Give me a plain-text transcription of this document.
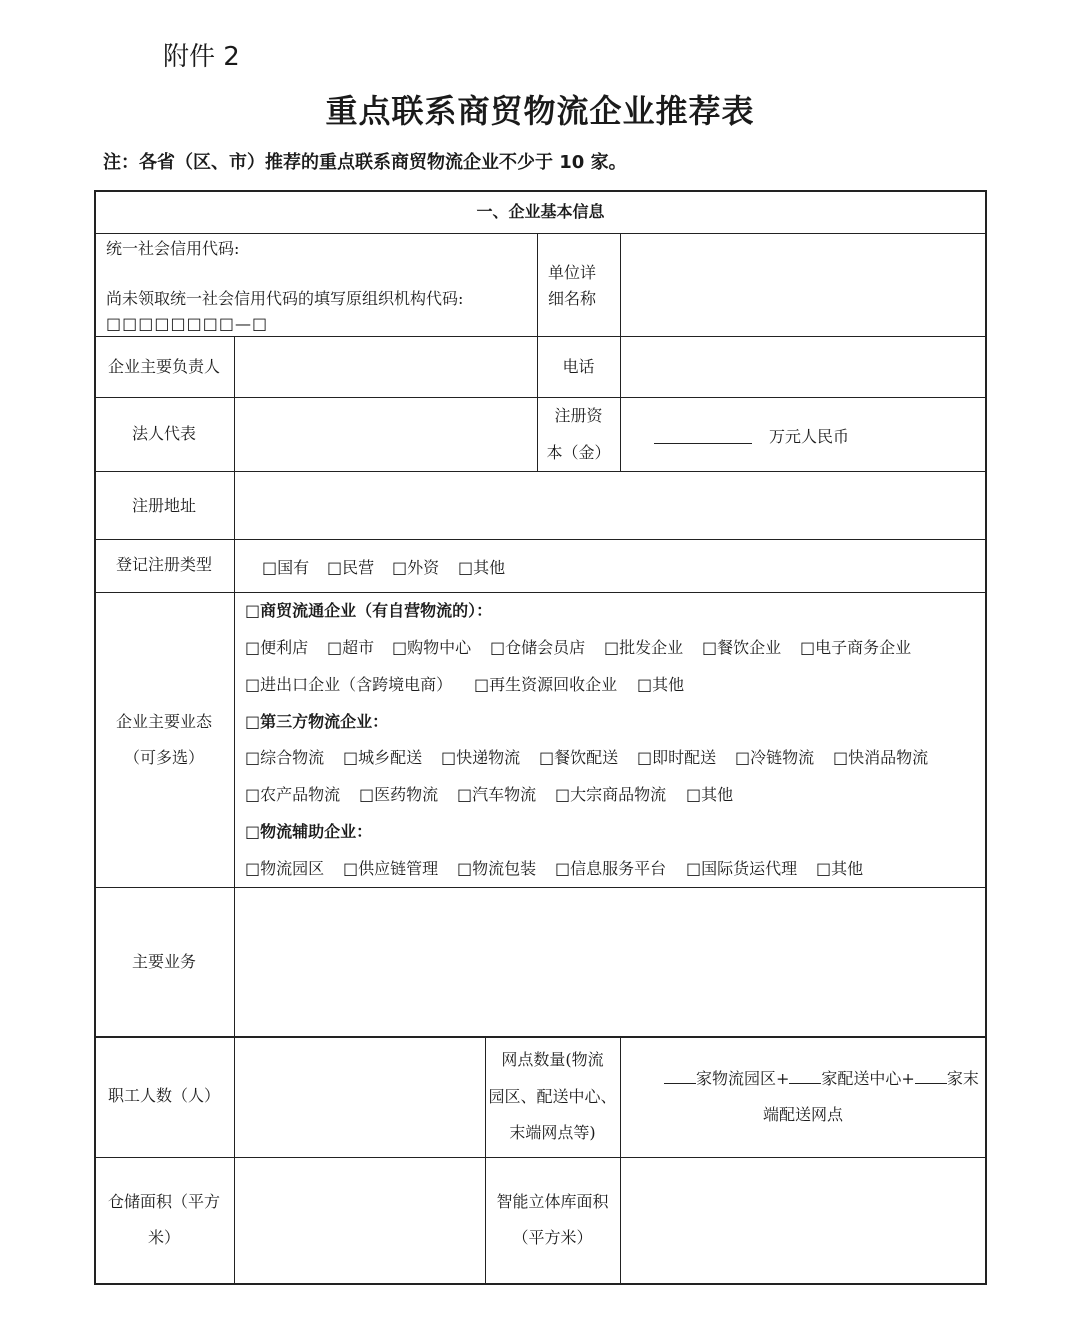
附件 2
重点联系商贸物流企业推荐表
注：各省（区、市）推荐的重点联系商贸物流企业不少于 10 家。
一、企业基本信息
统一社会信用代码:
尚未领取统一社会信用代码的填写原组织机构代码:
□□□□□□□□—□
单位详
细名称
企业主要负责人	电话
法人代表
注册资
本（金）
万元人民币
注册地址
登记注册类型	□国有 □民营 □外资 □其他
企业主要业态
（可多选）
□商贸流通企业（有自营物流的）：
□便利店 □超市 □购物中心 □仓储会员店 □批发企业 □餐饮企业 □电子商务企业
□进出口企业（含跨境电商） □再生资源回收企业 □其他
□第三方物流企业：
□综合物流 □城乡配送 □快递物流 □餐饮配送 □即时配送 □冷链物流 □快消品物流
□农产品物流 □医药物流 □汽车物流 □大宗商品物流 □其他
□物流辅助企业：
□物流园区 □供应链管理 □物流包装 □信息服务平台 □国际货运代理 □其他
主要业务
职工人数（人）
网点数量(物流
园区、配送中心、
末端网点等)
家物流园区+ 家配送中心+ 家末
端配送网点
仓储面积（平方
米）
智能立体库面积
（平方米）
